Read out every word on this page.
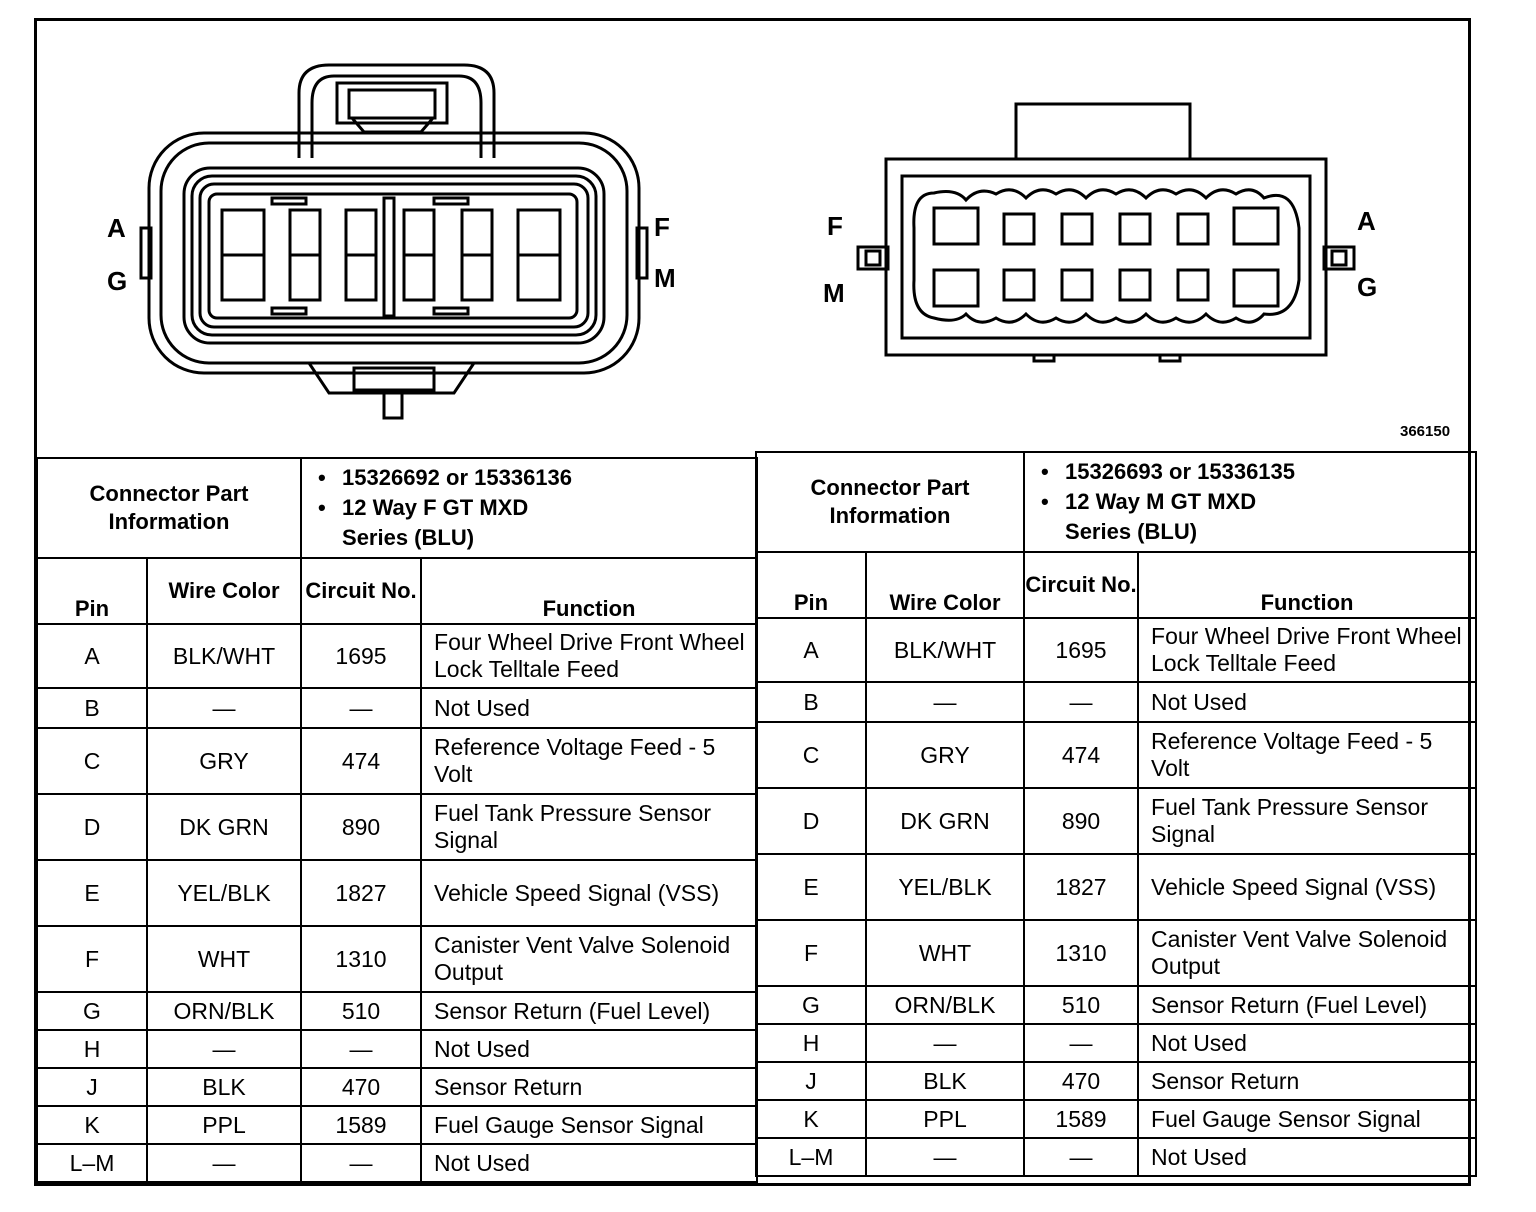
A
G
F
M
F
M
A
G
366150
Connector Part Information		• 15326692 or 15336136
• 12 Way F GT MXD
Series (BLU)

Pin	Wire Color	Circuit No.	Function
A	BLK/WHT	1695	Four Wheel Drive Front Wheel Lock Telltale Feed
B	—	—	Not Used
C	GRY	474	Reference Voltage Feed - 5 Volt
D	DK GRN	890	Fuel Tank Pressure Sensor Signal
E	YEL/BLK	1827	Vehicle Speed Signal (VSS)
F	WHT	1310	Canister Vent Valve Solenoid Output
G	ORN/BLK	510	Sensor Return (Fuel Level)
H	—	—	Not Used
J	BLK	470	Sensor Return
K	PPL	1589	Fuel Gauge Sensor Signal
L–M	—	—	Not Used
Connector Part Information		• 15326693 or 15336135
• 12 Way M GT MXD
Series (BLU)

Pin	Wire Color	Circuit No.	Function
A	BLK/WHT	1695	Four Wheel Drive Front Wheel Lock Telltale Feed
B	—	—	Not Used
C	GRY	474	Reference Voltage Feed - 5 Volt
D	DK GRN	890	Fuel Tank Pressure Sensor Signal
E	YEL/BLK	1827	Vehicle Speed Signal (VSS)
F	WHT	1310	Canister Vent Valve Solenoid Output
G	ORN/BLK	510	Sensor Return (Fuel Level)
H	—	—	Not Used
J	BLK	470	Sensor Return
K	PPL	1589	Fuel Gauge Sensor Signal
L–M	—	—	Not Used
